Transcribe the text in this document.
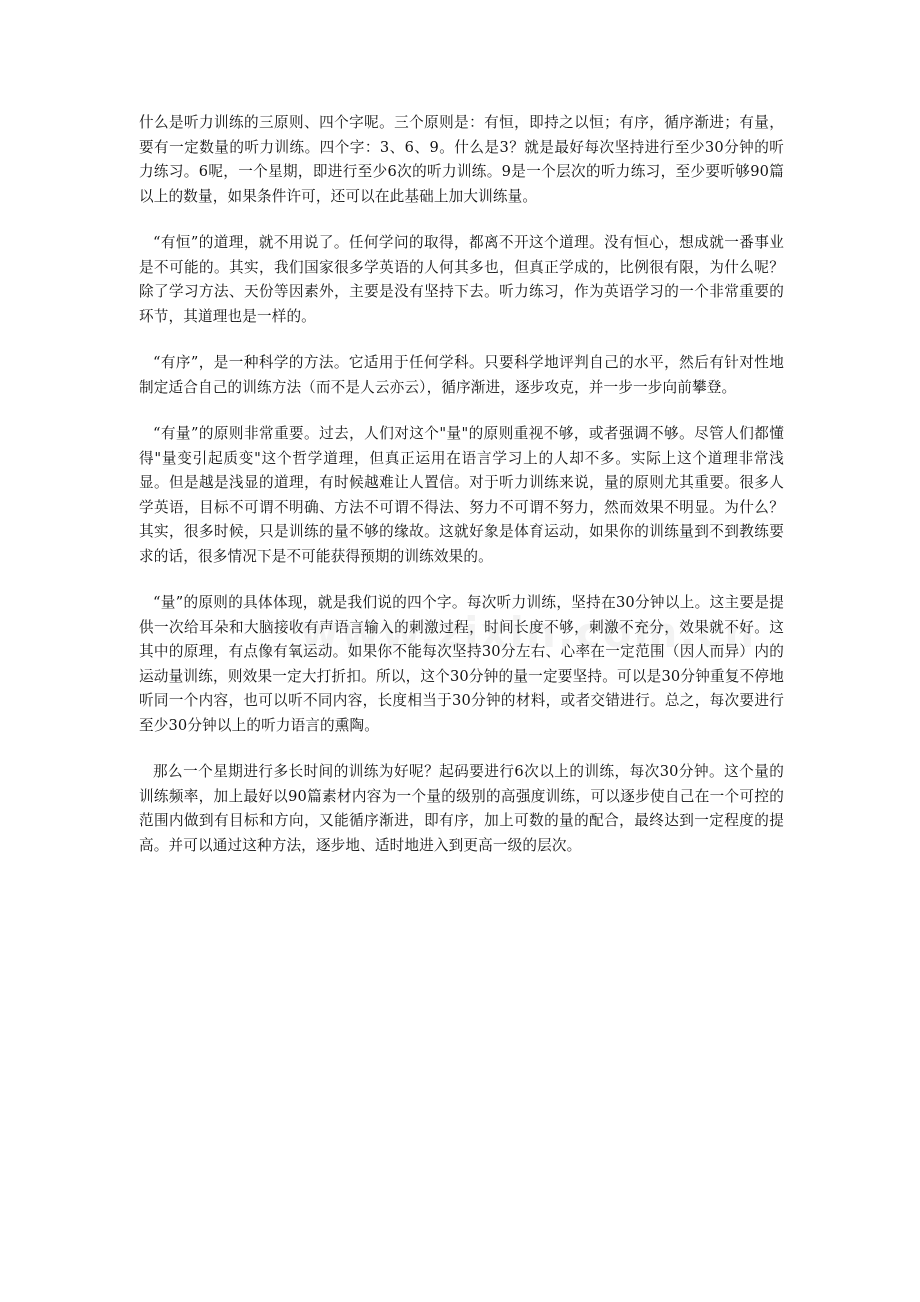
什么是听力训练的三原则、四个字呢。三个原则是：有恒，即持之以恒；有序，循序渐进；有量，要有一定数量的听力训练。四个字：3、6、9。什么是3？就是最好每次坚持进行至少30分钟的听力练习。6呢，一个星期，即进行至少6次的听力训练。9是一个层次的听力练习，至少要听够90篇以上的数量，如果条件许可，还可以在此基础上加大训练量。

“有恒”的道理，就不用说了。任何学问的取得，都离不开这个道理。没有恒心，想成就一番事业是不可能的。其实，我们国家很多学英语的人何其多也，但真正学成的，比例很有限，为什么呢？除了学习方法、天份等因素外，主要是没有坚持下去。听力练习，作为英语学习的一个非常重要的环节，其道理也是一样的。

“有序”，是一种科学的方法。它适用于任何学科。只要科学地评判自己的水平，然后有针对性地制定适合自己的训练方法（而不是人云亦云），循序渐进，逐步攻克，并一步一步向前攀登。

“有量”的原则非常重要。过去，人们对这个"量"的原则重视不够，或者强调不够。尽管人们都懂得"量变引起质变"这个哲学道理，但真正运用在语言学习上的人却不多。实际上这个道理非常浅显。但是越是浅显的道理，有时候越难让人置信。对于听力训练来说，量的原则尤其重要。很多人学英语，目标不可谓不明确、方法不可谓不得法、努力不可谓不努力，然而效果不明显。为什么？其实，很多时候，只是训练的量不够的缘故。这就好象是体育运动，如果你的训练量到不到教练要求的话，很多情况下是不可能获得预期的训练效果的。

“量”的原则的具体体现，就是我们说的四个字。每次听力训练，坚持在30分钟以上。这主要是提供一次给耳朵和大脑接收有声语言输入的刺激过程，时间长度不够，刺激不充分，效果就不好。这其中的原理，有点像有氧运动。如果你不能每次坚持30分左右、心率在一定范围（因人而异）内的运动量训练，则效果一定大打折扣。所以，这个30分钟的量一定要坚持。可以是30分钟重复不停地听同一个内容，也可以听不同内容，长度相当于30分钟的材料，或者交错进行。总之，每次要进行至少30分钟以上的听力语言的熏陶。

那么一个星期进行多长时间的训练为好呢？起码要进行6次以上的训练，每次30分钟。这个量的训练频率，加上最好以90篇素材内容为一个量的级别的高强度训练，可以逐步使自己在一个可控的范围内做到有目标和方向，又能循序渐进，即有序，加上可数的量的配合，最终达到一定程度的提高。并可以通过这种方法，逐步地、适时地进入到更高一级的层次。
